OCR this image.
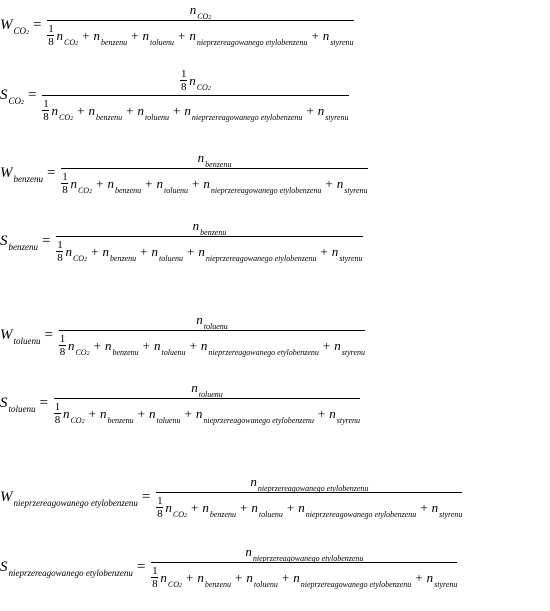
W CO2 =
n CO2
1
8 n CO2
+ n benzenu + n toluenu + n nieprzereagowanego etylobenzenu + n styrenu
S CO2 =
1
8 n CO2
1
8 n CO2
+ n benzenu + n toluenu + n nieprzereagowanego etylobenzenu + n styrenu
W benzenu =
n benzenu
1
8 n CO2
+ n benzenu + n toluenu + n nieprzereagowanego etylobenzenu + n styrenu
S benzenu =
n benzenu
1
8 n CO2
+ n benzenu + n toluenu + n nieprzereagowanego etylobenzenu + n styrenu
W toluenu =
n toluenu
1
8 n CO2
+ n benzenu + n toluenu + n nieprzereagowanego etylobenzenu + n styrenu
S toluenu =
n toluenu
1
8 n CO2
+ n benzenu + n toluenu + n nieprzereagowanego etylobenzenu + n styrenu
W nieprzereagowanego etylobenzenu =
n nieprzereagowanego etylobenzenu
1
8 n CO2
+ n benzenu + n toluenu + n nieprzereagowanego etylobenzenu + n styrenu
S nieprzereagowanego etylobenzenu =
n nieprzereagowanego etylobenzenu
1
8 n CO2
+ n benzenu + n toluenu + n nieprzereagowanego etylobenzenu + n styrenu
